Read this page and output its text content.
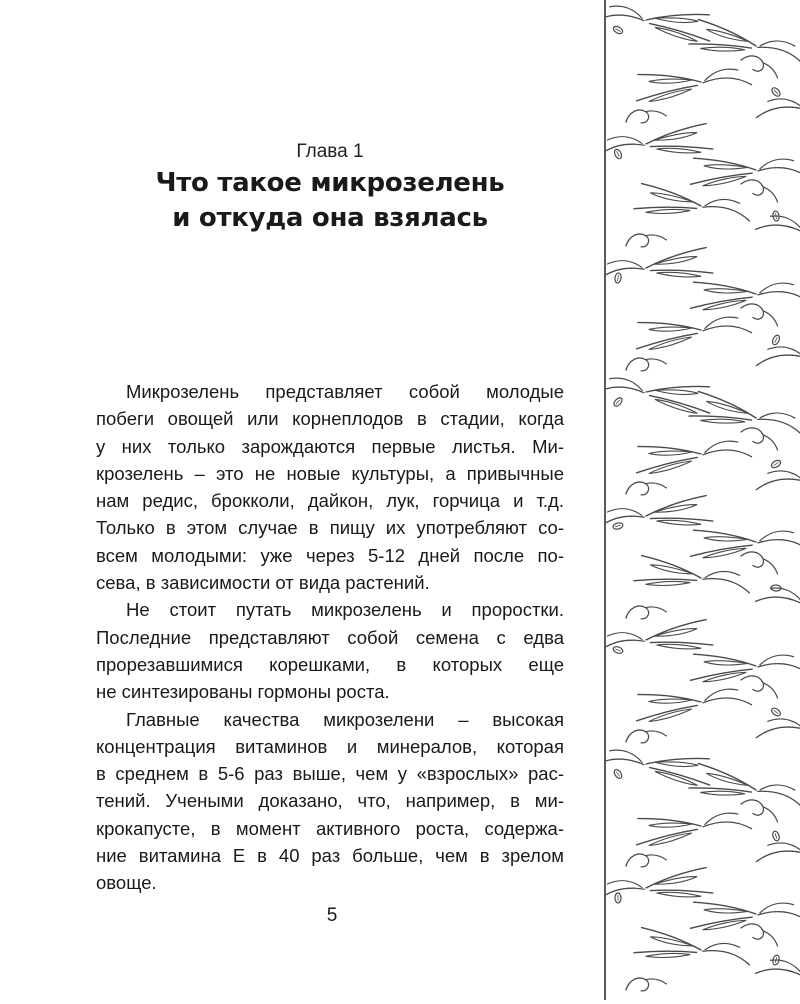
Глава 1
Что такое микрозелень
и откуда она взялась

Микрозелень представляет собой молодые
побеги овощей или корнеплодов в стадии, когда
у них только зарождаются первые листья. Ми-
крозелень – это не новые культуры, а привычные
нам редис, брокколи, дайкон, лук, горчица и т.д.
Только в этом случае в пищу их употребляют со-
всем молодыми: уже через 5-12 дней после по-
сева, в зависимости от вида растений.

Не стоит путать микрозелень и проростки.
Последние представляют собой семена с едва
прорезавшимися корешками, в которых еще
не синтезированы гормоны роста.

Главные качества микрозелени – высокая
концентрация витаминов и минералов, которая
в среднем в 5-6 раз выше, чем у «взрослых» рас-
тений. Учеными доказано, что, например, в ми-
крокапусте, в момент активного роста, содержа-
ние витамина Е в 40 раз больше, чем в зрелом
овоще.

5
